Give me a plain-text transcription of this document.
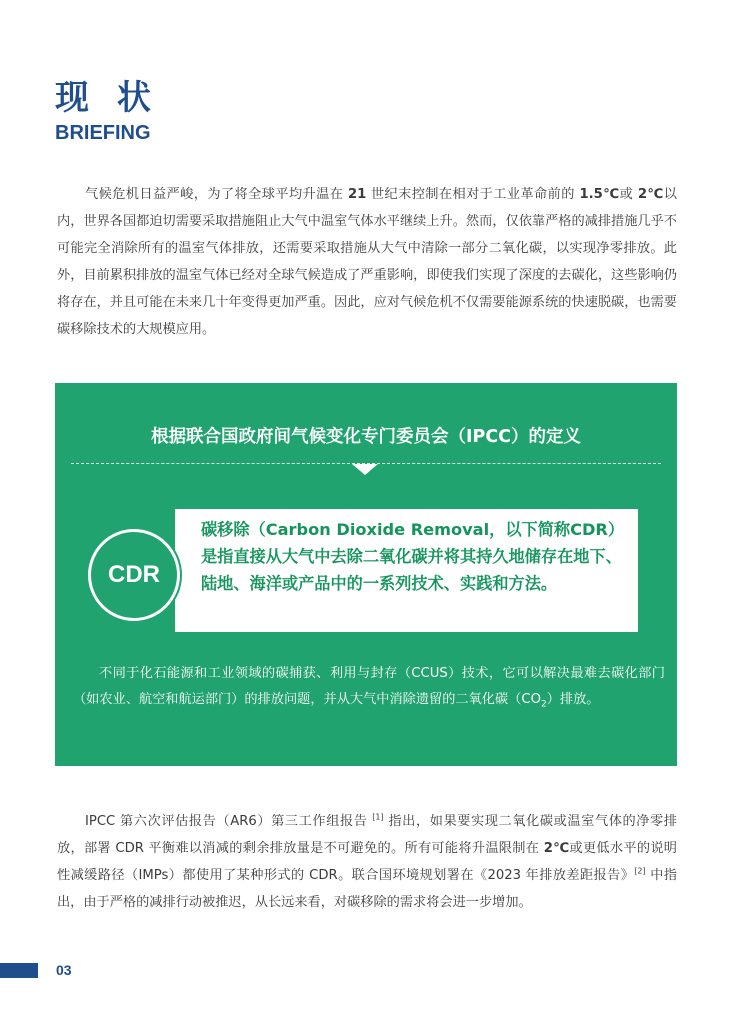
现 状
BRIEFING

气候危机日益严峻，为了将全球平均升温在 21 世纪末控制在相对于工业革命前的 1.5℃或 2℃以内，世界各国都迫切需要采取措施阻止大气中温室气体水平继续上升。然而，仅依靠严格的减排措施几乎不可能完全消除所有的温室气体排放，还需要采取措施从大气中清除一部分二氧化碳，以实现净零排放。此外，目前累积排放的温室气体已经对全球气候造成了严重影响，即使我们实现了深度的去碳化，这些影响仍将存在，并且可能在未来几十年变得更加严重。因此，应对气候危机不仅需要能源系统的快速脱碳，也需要碳移除技术的大规模应用。

根据联合国政府间气候变化专门委员会（IPCC）的定义

碳移除（Carbon Dioxide Removal，以下简称CDR）是指直接从大气中去除二氧化碳并将其持久地储存在地下、陆地、海洋或产品中的一系列技术、实践和方法。

CDR

不同于化石能源和工业领域的碳捕获、利用与封存（CCUS）技术，它可以解决最难去碳化部门（如农业、航空和航运部门）的排放问题，并从大气中消除遗留的二氧化碳$(CO_2)$排放。

IPCC 第六次评估报告（AR6）第三工作组报告 [1] 指出，如果要实现二氧化碳或温室气体的净零排放，部署 CDR 平衡难以消减的剩余排放量是不可避免的。所有可能将升温限制在 2℃或更低水平的说明性减缓路径（IMPs）都使用了某种形式的 CDR。联合国环境规划署在《2023 年排放差距报告》[2] 中指出，由于严格的减排行动被推迟，从长远来看，对碳移除的需求将会进一步增加。

03
